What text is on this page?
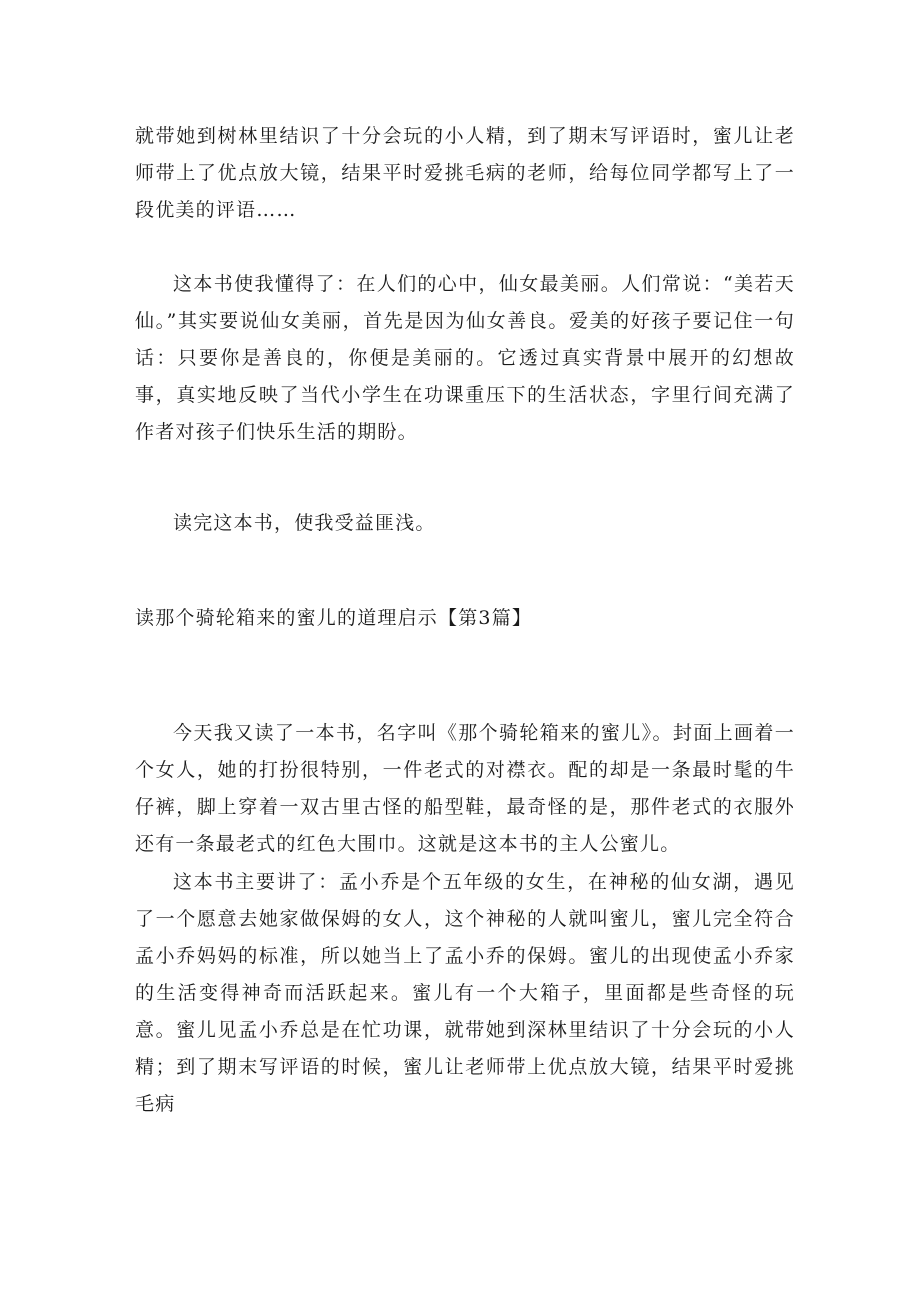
就带她到树林里结识了十分会玩的小人精，到了期末写评语时，蜜儿让老师带上了优点放大镜，结果平时爱挑毛病的老师，给每位同学都写上了一段优美的评语……

这本书使我懂得了：在人们的心中，仙女最美丽。人们常说：“美若天仙。”其实要说仙女美丽，首先是因为仙女善良。爱美的好孩子要记住一句话：只要你是善良的，你便是美丽的。它透过真实背景中展开的幻想故事，真实地反映了当代小学生在功课重压下的生活状态，字里行间充满了作者对孩子们快乐生活的期盼。

读完这本书，使我受益匪浅。

读那个骑轮箱来的蜜儿的道理启示【第3篇】

今天我又读了一本书，名字叫《那个骑轮箱来的蜜儿》。封面上画着一个女人，她的打扮很特别，一件老式的对襟衣。配的却是一条最时髦的牛仔裤，脚上穿着一双古里古怪的船型鞋，最奇怪的是，那件老式的衣服外还有一条最老式的红色大围巾。这就是这本书的主人公蜜儿。

这本书主要讲了：孟小乔是个五年级的女生，在神秘的仙女湖，遇见了一个愿意去她家做保姆的女人，这个神秘的人就叫蜜儿，蜜儿完全符合孟小乔妈妈的标准，所以她当上了孟小乔的保姆。蜜儿的出现使孟小乔家的生活变得神奇而活跃起来。蜜儿有一个大箱子，里面都是些奇怪的玩意。蜜儿见孟小乔总是在忙功课，就带她到深林里结识了十分会玩的小人精；到了期末写评语的时候，蜜儿让老师带上优点放大镜，结果平时爱挑毛病
